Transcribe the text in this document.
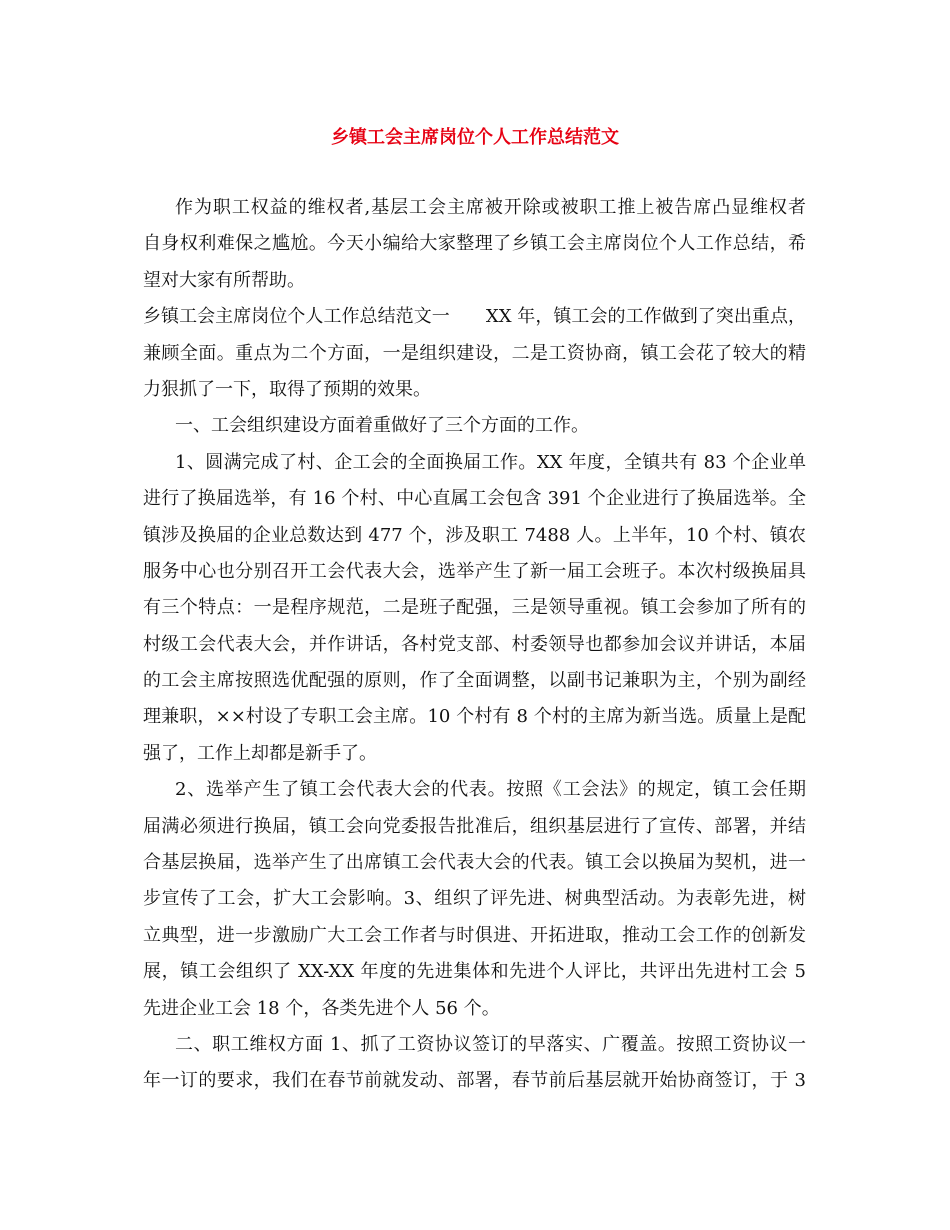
乡镇工会主席岗位个人工作总结范文
作为职工权益的维权者,基层工会主席被开除或被职工推上被告席凸显维权者
自身权利难保之尴尬。今天小编给大家整理了乡镇工会主席岗位个人工作总结，希
望对大家有所帮助。
乡镇工会主席岗位个人工作总结范文一　　XX 年，镇工会的工作做到了突出重点，
兼顾全面。重点为二个方面，一是组织建设，二是工资协商，镇工会花了较大的精
力狠抓了一下，取得了预期的效果。
一、工会组织建设方面着重做好了三个方面的工作。
1、圆满完成了村、企工会的全面换届工作。XX 年度，全镇共有 83 个企业单
进行了换届选举，有 16 个村、中心直属工会包含 391 个企业进行了换届选举。全
镇涉及换届的企业总数达到 477 个，涉及职工 7488 人。上半年，10 个村、镇农
服务中心也分别召开工会代表大会，选举产生了新一届工会班子。本次村级换届具
有三个特点：一是程序规范，二是班子配强，三是领导重视。镇工会参加了所有的
村级工会代表大会，并作讲话，各村党支部、村委领导也都参加会议并讲话，本届
的工会主席按照选优配强的原则，作了全面调整，以副书记兼职为主，个别为副经
理兼职，××村设了专职工会主席。10 个村有 8 个村的主席为新当选。质量上是配
强了，工作上却都是新手了。
2、选举产生了镇工会代表大会的代表。按照《工会法》的规定，镇工会任期
届满必须进行换届，镇工会向党委报告批准后，组织基层进行了宣传、部署，并结
合基层换届，选举产生了出席镇工会代表大会的代表。镇工会以换届为契机，进一
步宣传了工会，扩大工会影响。3、组织了评先进、树典型活动。为表彰先进，树
立典型，进一步激励广大工会工作者与时俱进、开拓进取，推动工会工作的创新发
展，镇工会组织了 XX-XX 年度的先进集体和先进个人评比，共评出先进村工会 5
先进企业工会 18 个，各类先进个人 56 个。
二、职工维权方面 1、抓了工资协议签订的早落实、广覆盖。按照工资协议一
年一订的要求，我们在春节前就发动、部署，春节前后基层就开始协商签订，于 3
